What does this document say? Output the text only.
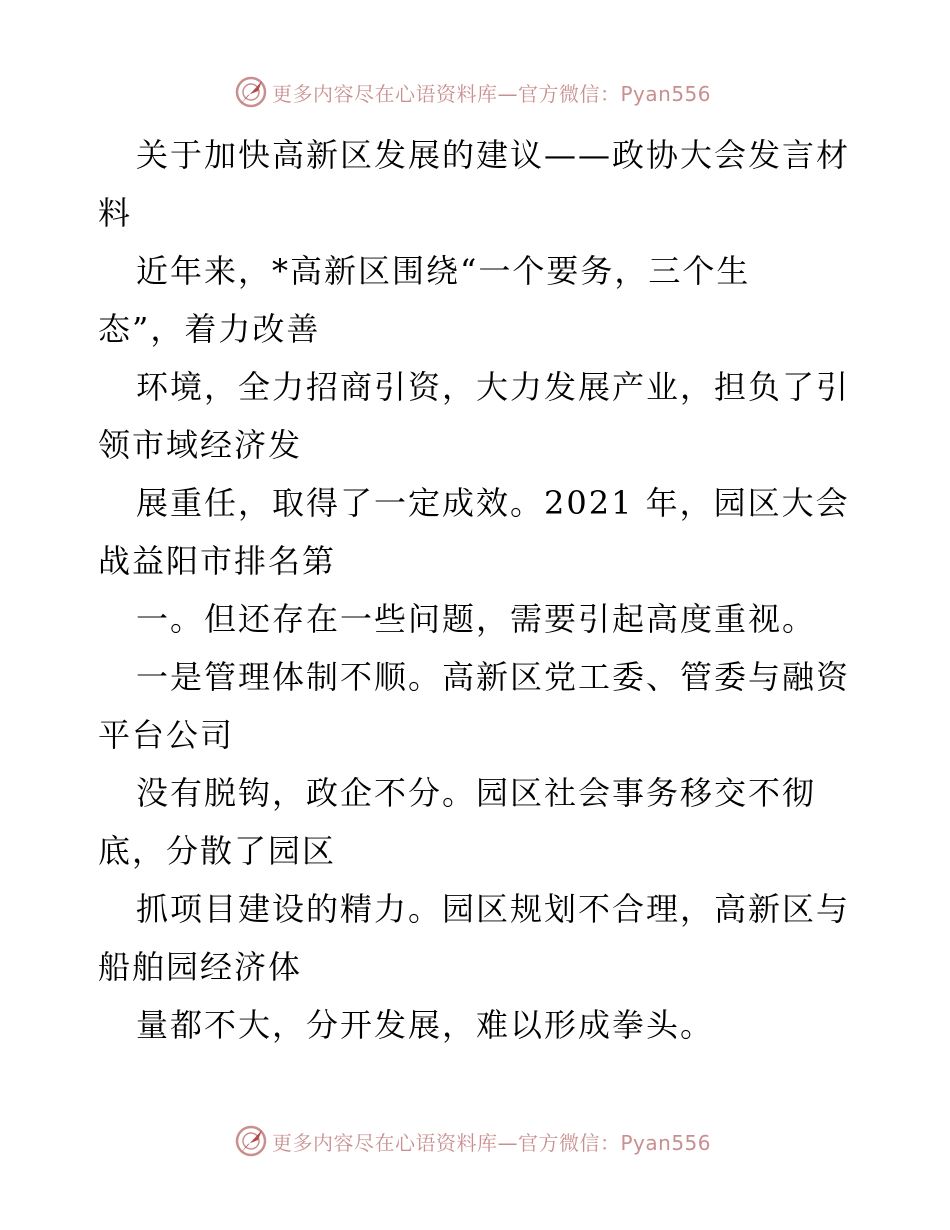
更多内容尽在心语资料库—官方微信：Pyan556
关于加快高新区发展的建议——政协大会发言材
料
近年来，*高新区围绕“一个要务，三个生
态”，着力改善
环境，全力招商引资，大力发展产业，担负了引
领市域经济发
展重任，取得了一定成效。2021 年，园区大会
战益阳市排名第
一。但还存在一些问题，需要引起高度重视。
一是管理体制不顺。高新区党工委、管委与融资
平台公司
没有脱钩，政企不分。园区社会事务移交不彻
底，分散了园区
抓项目建设的精力。园区规划不合理，高新区与
船舶园经济体
量都不大，分开发展，难以形成拳头。
更多内容尽在心语资料库—官方微信：Pyan556
